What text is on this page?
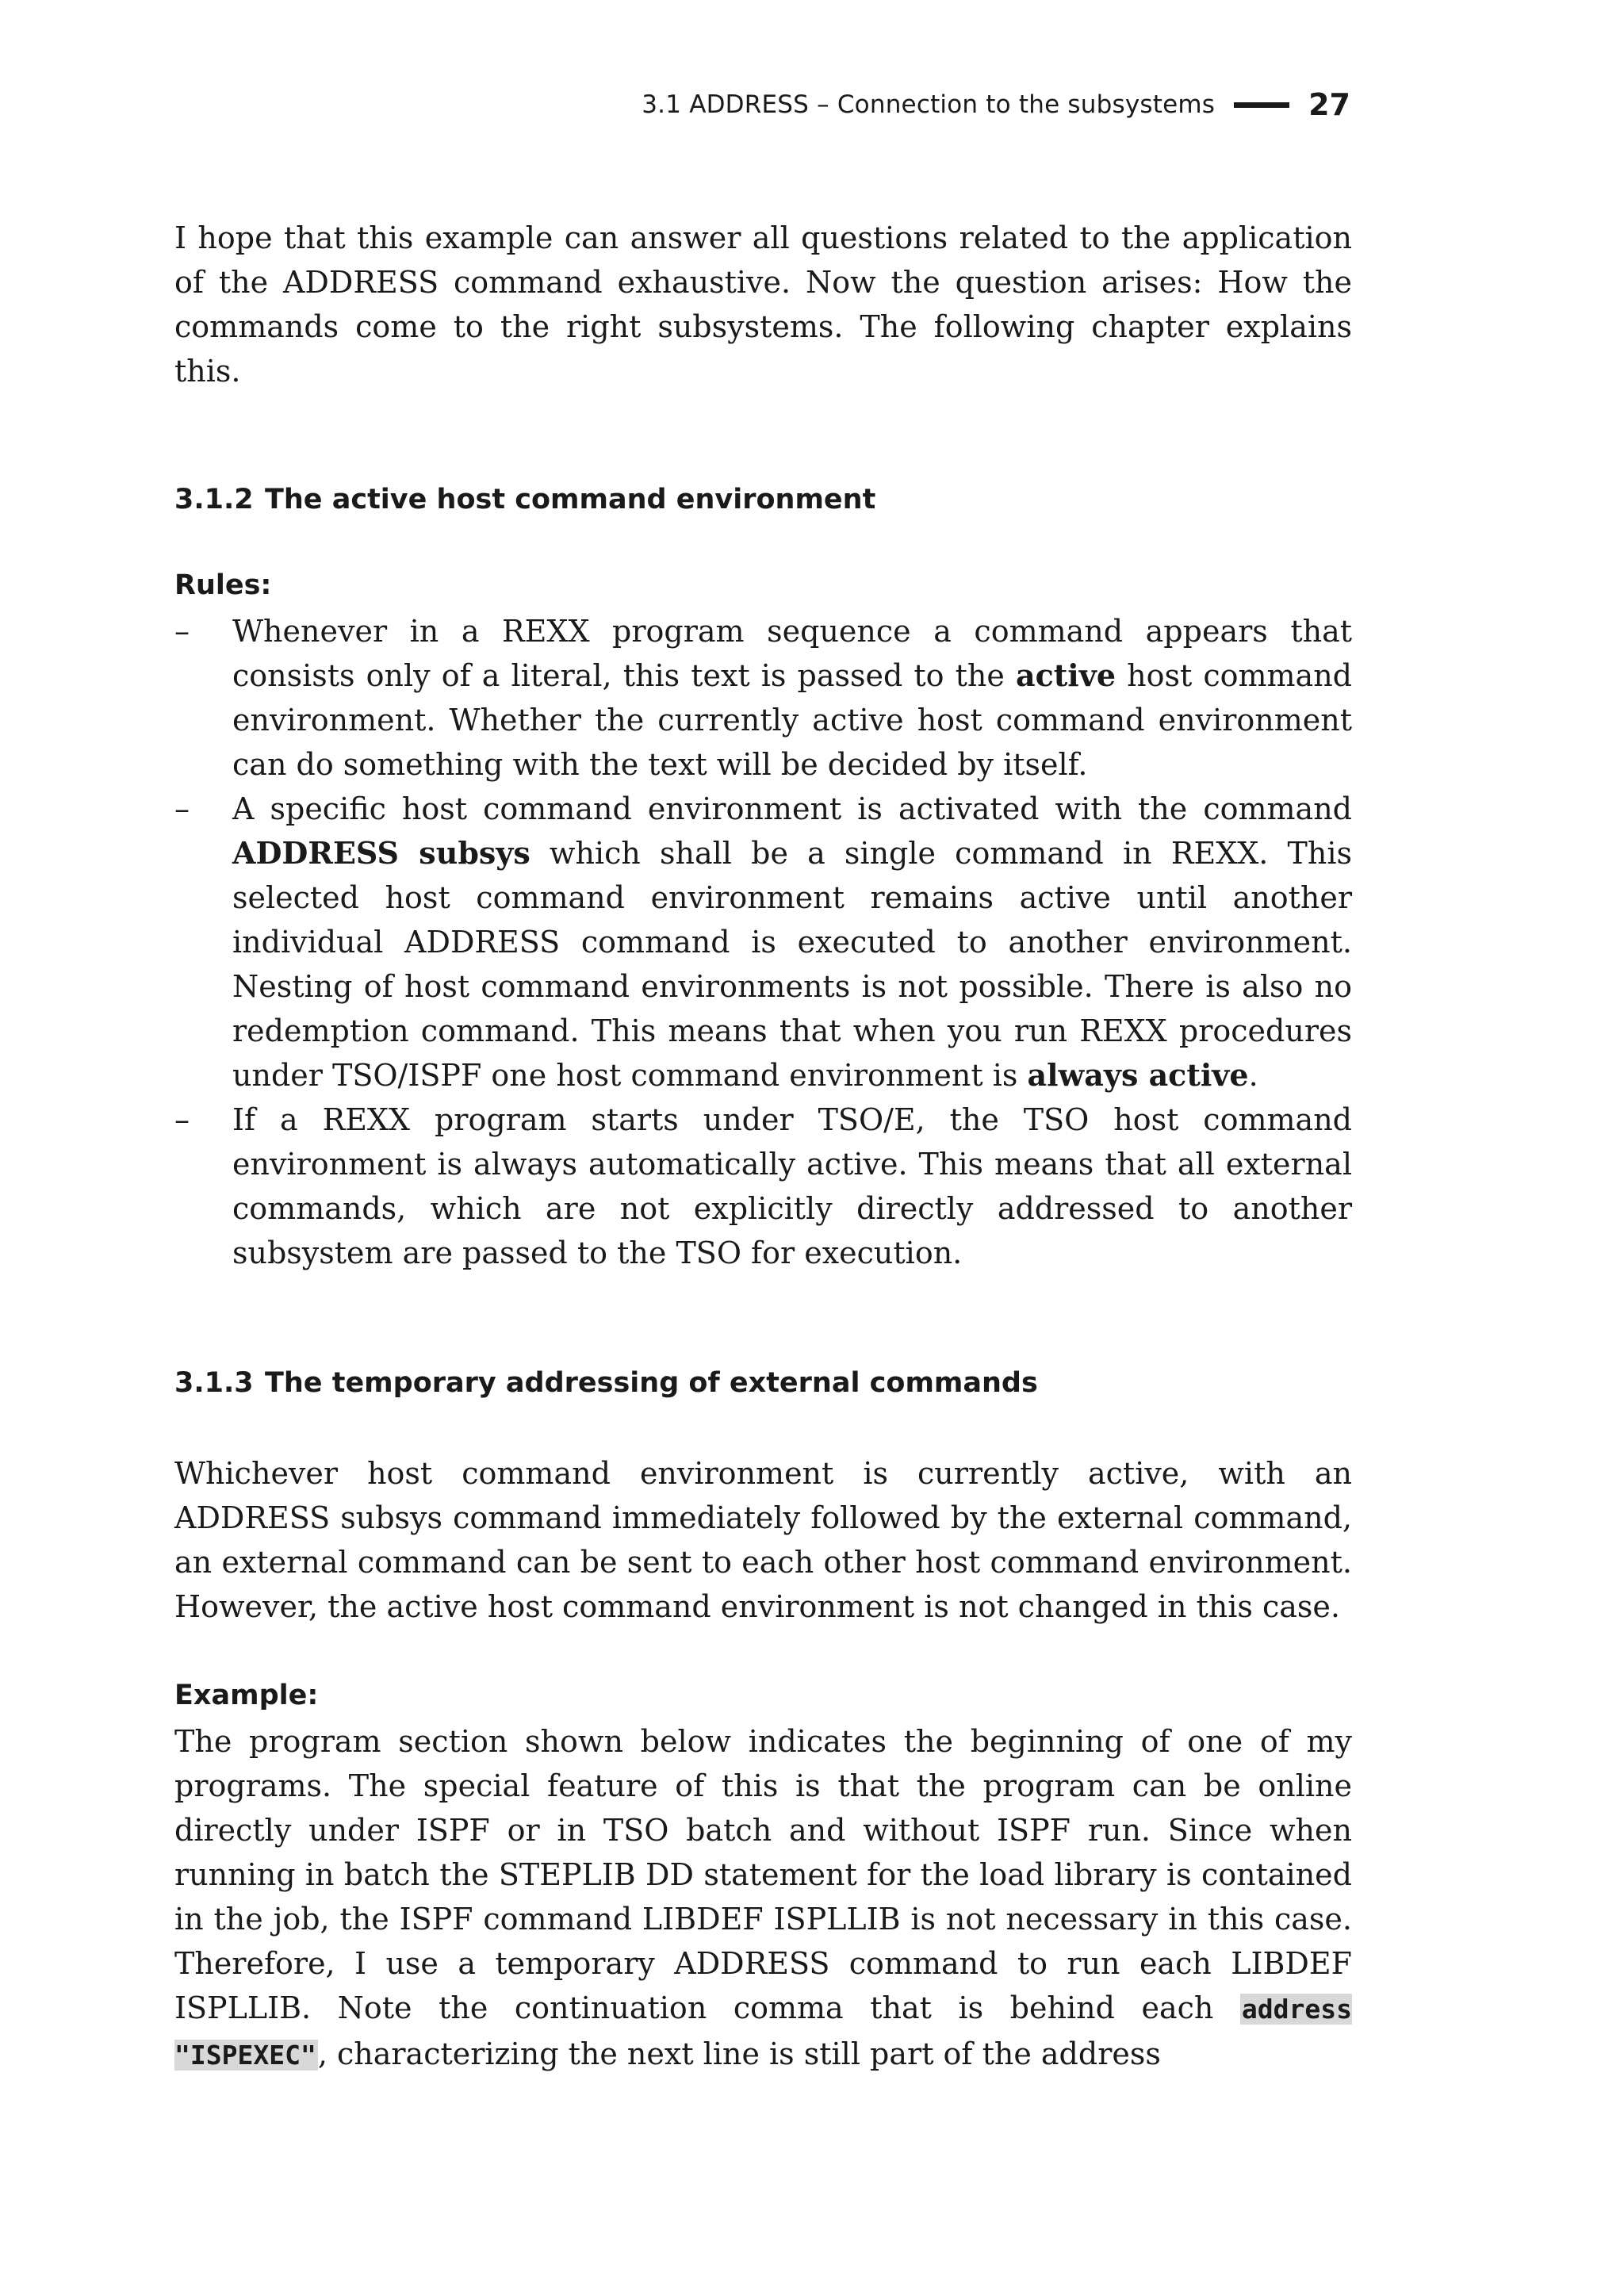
3.1 ADDRESS – Connection to the subsystems	27

I hope that this example can answer all questions related to the application of the ADDRESS command exhaustive. Now the question arises: How the commands come to the right subsystems. The following chapter explains this.

3.1.2 The active host command environment
Rules:
– Whenever in a REXX program sequence a command appears that consists only of a literal, this text is passed to the active host command environment. Whether the currently active host command environment can do something with the text will be decided by itself.
– A specific host command environment is activated with the command ADDRESS subsys which shall be a single command in REXX. This selected host command environment remains active until another individual ADDRESS command is executed to another environment. Nesting of host command environments is not possible. There is also no redemption command. This means that when you run REXX procedures under TSO/ISPF one host command environment is always active.
– If a REXX program starts under TSO/E, the TSO host command environment is always automatically active. This means that all external commands, which are not explicitly directly addressed to another subsystem are passed to the TSO for execution.
3.1.3 The temporary addressing of external commands

Whichever host command environment is currently active, with an ADDRESS subsys command immediately followed by the external command, an external command can be sent to each other host command environment. However, the active host command environment is not changed in this case.

Example:

The program section shown below indicates the beginning of one of my programs. The special feature of this is that the program can be online directly under ISPF or in TSO batch and without ISPF run. Since when running in batch the STEPLIB DD statement for the load library is contained in the job, the ISPF command LIBDEF ISPLLIB is not necessary in this case. Therefore, I use a temporary ADDRESS command to run each LIBDEF ISPLLIB. Note the continuation comma that is behind each address "ISPEXEC", characterizing the next line is still part of the address
